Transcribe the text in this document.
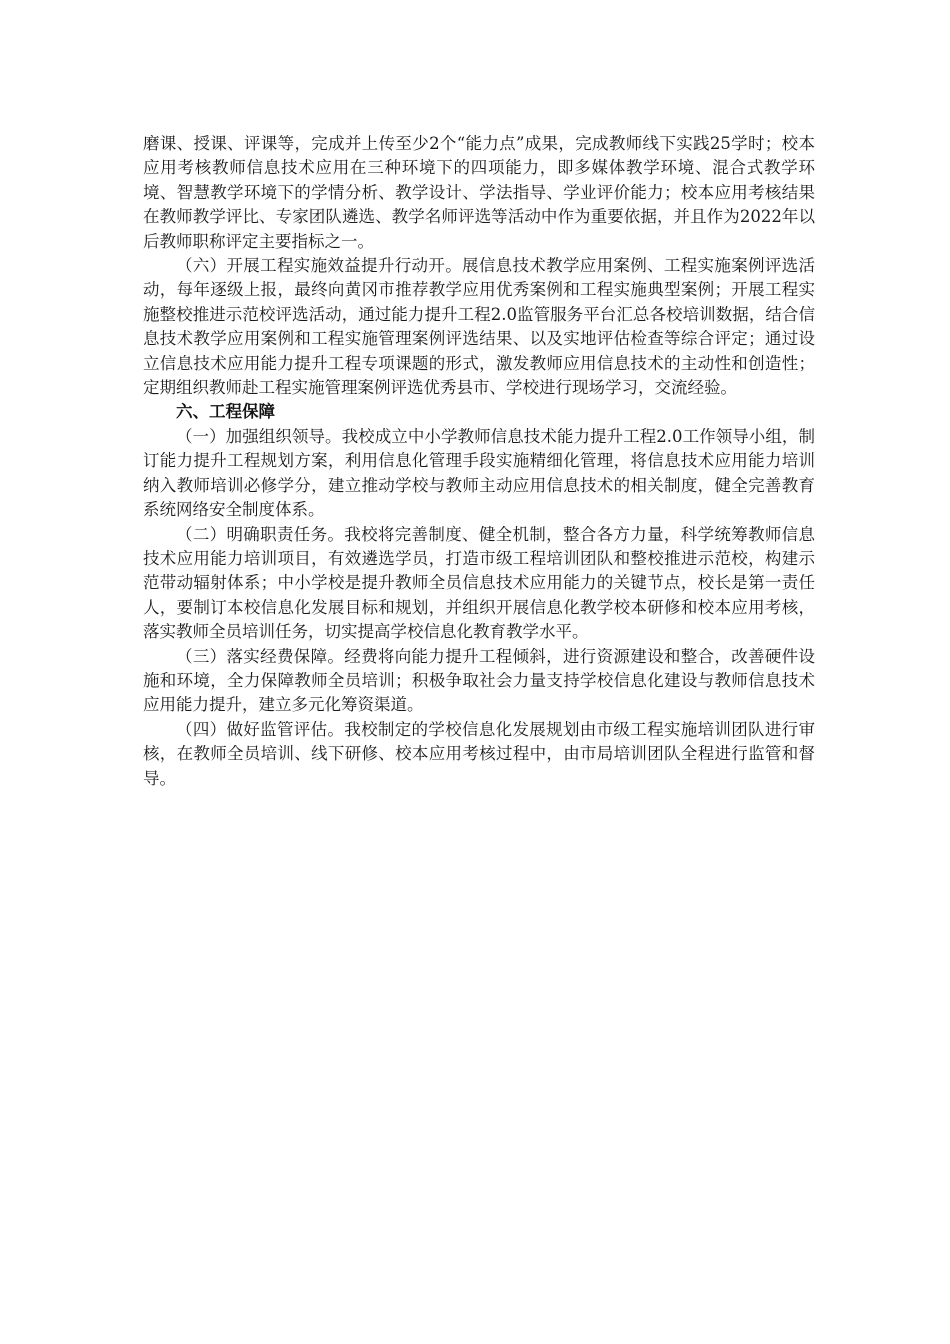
磨课、授课、评课等，完成并上传至少2个“能力点”成果，完成教师线下实践25学时；校本应用考核教师信息技术应用在三种环境下的四项能力，即多媒体教学环境、混合式教学环境、智慧教学环境下的学情分析、教学设计、学法指导、学业评价能力；校本应用考核结果在教师教学评比、专家团队遴选、教学名师评选等活动中作为重要依据，并且作为2022年以后教师职称评定主要指标之一。

（六）开展工程实施效益提升行动开。展信息技术教学应用案例、工程实施案例评选活动，每年逐级上报，最终向黄冈市推荐教学应用优秀案例和工程实施典型案例；开展工程实施整校推进示范校评选活动，通过能力提升工程2.0监管服务平台汇总各校培训数据，结合信息技术教学应用案例和工程实施管理案例评选结果、以及实地评估检查等综合评定；通过设立信息技术应用能力提升工程专项课题的形式，激发教师应用信息技术的主动性和创造性；定期组织教师赴工程实施管理案例评选优秀县市、学校进行现场学习，交流经验。

六、工程保障

（一）加强组织领导。我校成立中小学教师信息技术能力提升工程2.0工作领导小组，制订能力提升工程规划方案，利用信息化管理手段实施精细化管理，将信息技术应用能力培训纳入教师培训必修学分，建立推动学校与教师主动应用信息技术的相关制度，健全完善教育系统网络安全制度体系。

（二）明确职责任务。我校将完善制度、健全机制，整合各方力量，科学统筹教师信息技术应用能力培训项目，有效遴选学员，打造市级工程培训团队和整校推进示范校，构建示范带动辐射体系；中小学校是提升教师全员信息技术应用能力的关键节点，校长是第一责任人，要制订本校信息化发展目标和规划，并组织开展信息化教学校本研修和校本应用考核，落实教师全员培训任务，切实提高学校信息化教育教学水平。

（三）落实经费保障。经费将向能力提升工程倾斜，进行资源建设和整合，改善硬件设施和环境，全力保障教师全员培训；积极争取社会力量支持学校信息化建设与教师信息技术应用能力提升，建立多元化筹资渠道。

（四）做好监管评估。我校制定的学校信息化发展规划由市级工程实施培训团队进行审核，在教师全员培训、线下研修、校本应用考核过程中，由市局培训团队全程进行监管和督导。
